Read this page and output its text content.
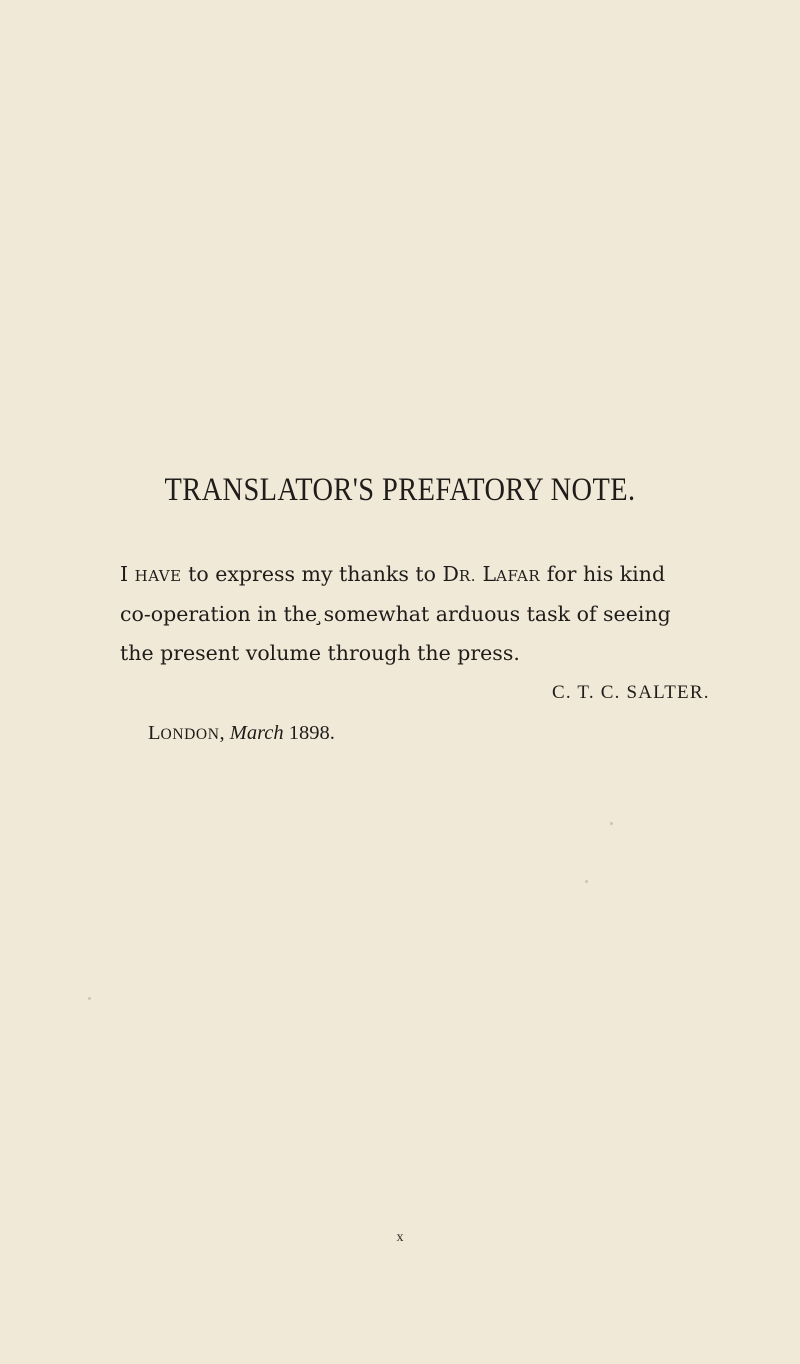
TRANSLATOR'S PREFATORY NOTE.
I HAVE to express my thanks to DR. LAFAR for his kind
co-operation in the ̧somewhat arduous task of seeing
the present volume through the press.
C. T. C. SALTER.
LONDON, March 1898.
x
